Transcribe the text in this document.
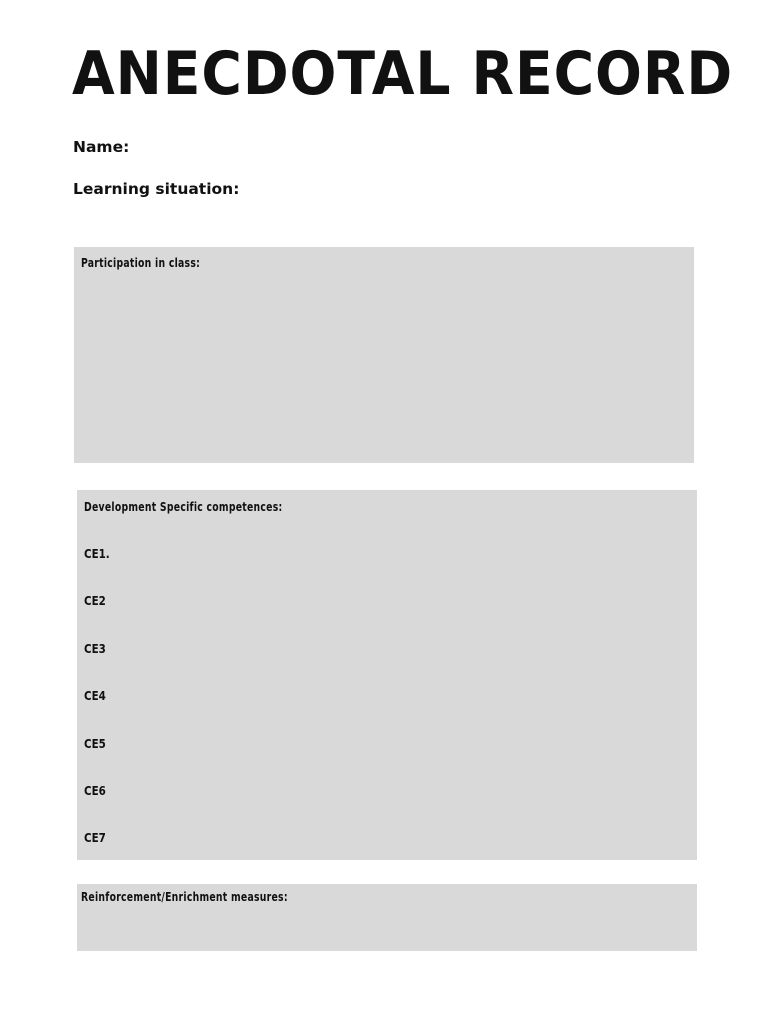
ANECDOTAL RECORD
Name:
Learning situation:
Participation in class:
Development Specific competences:
CE1.
CE2
CE3
CE4
CE5
CE6
CE7
Reinforcement/Enrichment measures:
